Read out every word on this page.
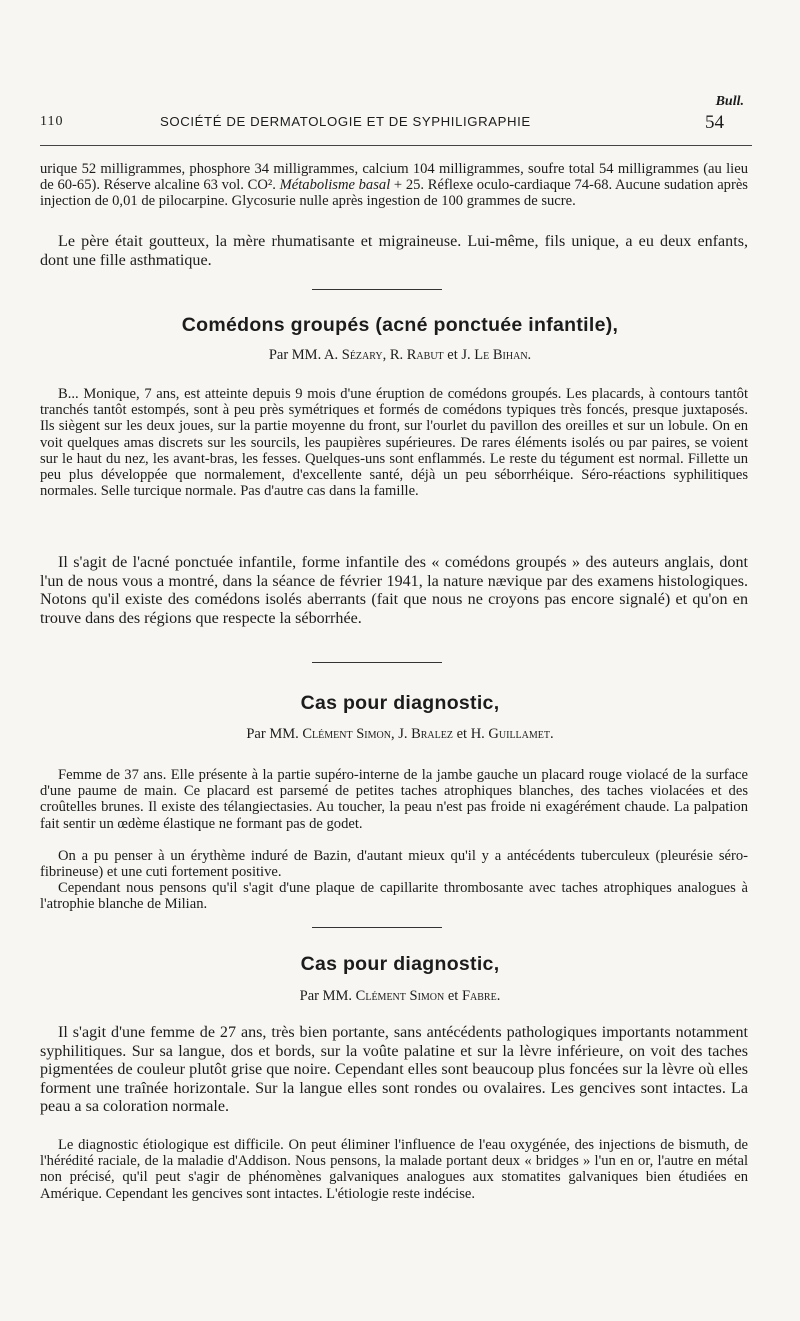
Bull.
110	SOCIÉTÉ DE DERMATOLOGIE ET DE SYPHILIGRAPHIE	54

urique 52 milligrammes, phosphore 34 milligrammes, calcium 104 milligrammes, soufre total 54 milligrammes (au lieu de 60-65). Réserve alcaline 63 vol. CO². Métabolisme basal + 25. Réflexe oculo-cardiaque 74-68. Aucune sudation après injection de 0,01 de pilocarpine. Glycosurie nulle après ingestion de 100 grammes de sucre.

Le père était goutteux, la mère rhumatisante et migraineuse. Lui-même, fils unique, a eu deux enfants, dont une fille asthmatique.

Comédons groupés (acné ponctuée infantile),
Par MM. A. Sézary, R. Rabut et J. Le Bihan.

B... Monique, 7 ans, est atteinte depuis 9 mois d'une éruption de comédons groupés. Les placards, à contours tantôt tranchés tantôt estompés, sont à peu près symétriques et formés de comédons typiques très foncés, presque juxtaposés. Ils siègent sur les deux joues, sur la partie moyenne du front, sur l'ourlet du pavillon des oreilles et sur un lobule. On en voit quelques amas discrets sur les sourcils, les paupières supérieures. De rares éléments isolés ou par paires, se voient sur le haut du nez, les avant-bras, les fesses. Quelques-uns sont enflammés. Le reste du tégument est normal. Fillette un peu plus développée que normalement, d'excellente santé, déjà un peu séborrhéique. Séro-réactions syphilitiques normales. Selle turcique normale. Pas d'autre cas dans la famille.

Il s'agit de l'acné ponctuée infantile, forme infantile des « comédons groupés » des auteurs anglais, dont l'un de nous vous a montré, dans la séance de février 1941, la nature nævique par des examens histologiques. Notons qu'il existe des comédons isolés aberrants (fait que nous ne croyons pas encore signalé) et qu'on en trouve dans des régions que respecte la séborrhée.

Cas pour diagnostic,
Par MM. Clément Simon, J. Bralez et H. Guillamet.

Femme de 37 ans. Elle présente à la partie supéro-interne de la jambe gauche un placard rouge violacé de la surface d'une paume de main. Ce placard est parsemé de petites taches atrophiques blanches, des taches violacées et des croûtelles brunes. Il existe des télangiectasies. Au toucher, la peau n'est pas froide ni exagérément chaude. La palpation fait sentir un œdème élastique ne formant pas de godet.

On a pu penser à un érythème induré de Bazin, d'autant mieux qu'il y a antécédents tuberculeux (pleurésie séro-fibrineuse) et une cuti fortement positive.

Cependant nous pensons qu'il s'agit d'une plaque de capillarite thrombosante avec taches atrophiques analogues à l'atrophie blanche de Milian.

Cas pour diagnostic,
Par MM. Clément Simon et Fabre.

Il s'agit d'une femme de 27 ans, très bien portante, sans antécédents pathologiques importants notamment syphilitiques. Sur sa langue, dos et bords, sur la voûte palatine et sur la lèvre inférieure, on voit des taches pigmentées de couleur plutôt grise que noire. Cependant elles sont beaucoup plus foncées sur la lèvre où elles forment une traînée horizontale. Sur la langue elles sont rondes ou ovalaires. Les gencives sont intactes. La peau a sa coloration normale.

Le diagnostic étiologique est difficile. On peut éliminer l'influence de l'eau oxygénée, des injections de bismuth, de l'hérédité raciale, de la maladie d'Addison. Nous pensons, la malade portant deux « bridges » l'un en or, l'autre en métal non précisé, qu'il peut s'agir de phénomènes galvaniques analogues aux stomatites galvaniques bien étudiées en Amérique. Cependant les gencives sont intactes. L'étiologie reste indécise.
